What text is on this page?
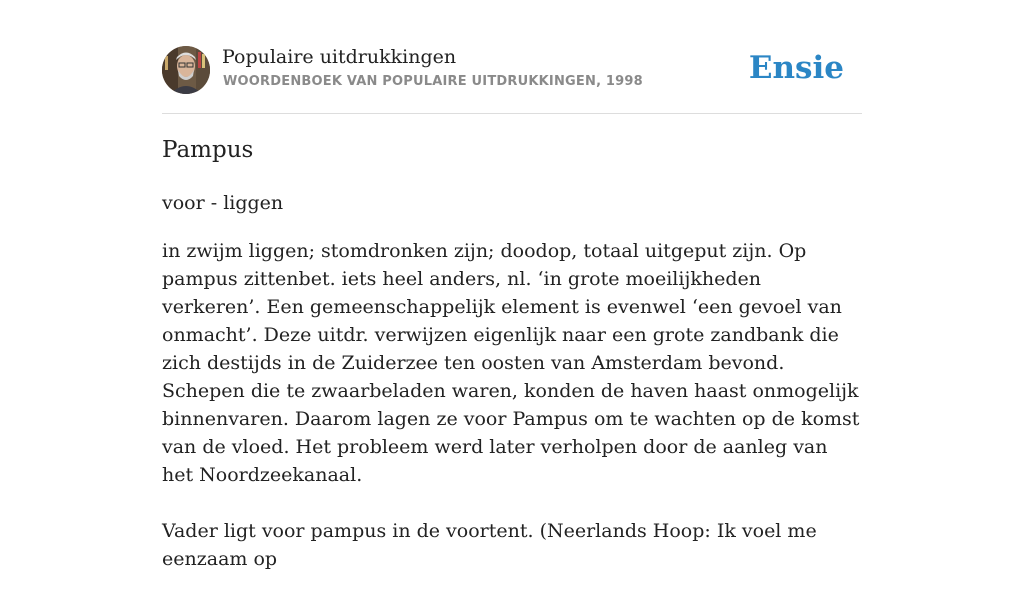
Populaire uitdrukkingen
WOORDENBOEK VAN POPULAIRE UITDRUKKINGEN, 1998	Ensie
Pampus
voor - liggen

in zwijm liggen; stomdronken zijn; doodop, totaal uitgeput zijn. Op pampus zittenbet. iets heel anders, nl. ‘in grote moeilijkheden verkeren’. Een gemeenschappelijk element is evenwel ‘een gevoel van onmacht’. Deze uitdr. verwijzen eigenlijk naar een grote zandbank die zich destijds in de Zuiderzee ten oosten van Amsterdam bevond. Schepen die te zwaarbeladen waren, konden de haven haast onmogelijk binnenvaren. Daarom lagen ze voor Pampus om te wachten op de komst van de vloed. Het probleem werd later verholpen door de aanleg van het Noordzeekanaal.

Vader ligt voor pampus in de voortent. (Neerlands Hoop: Ik voel me eenzaam op
